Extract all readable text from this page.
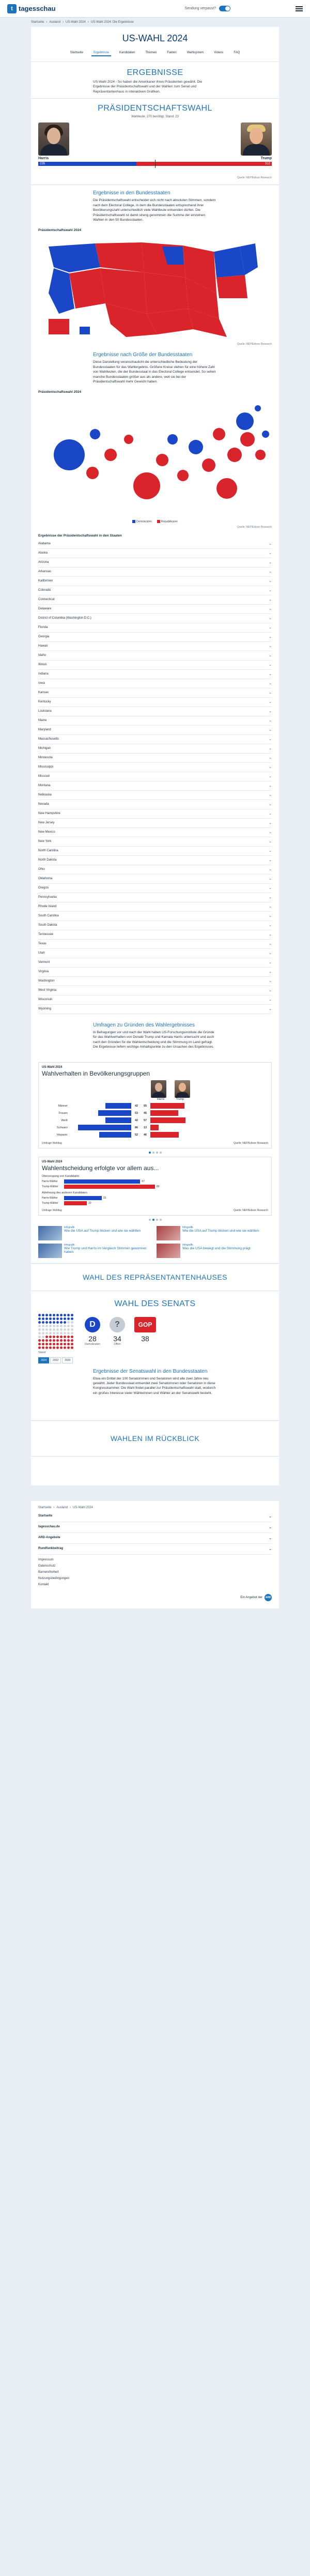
t tagesschau	Sendung verpasst?
Startseite › Ausland › US-Wahl 2024 › US-Wahl 2024: Die Ergebnisse
US-WAHL 2024
Startseite	Ergebnisse	Kandidaten	Themen	Fakten	Wahlsystem	Videos	FAQ
ERGEBNISSE
US-Wahl 2024 - So haben die Amerikaner ihren Präsidenten gewählt. Die Ergebnisse der Präsidentschaftswahl und der Wahlen zum Senat und Repräsentantenhaus in interaktiven Grafiken.
PRÄSIDENTSCHAFTSWAHL
Wahlleute, 270 benötigt, Stand: 23
Harris	Trump
226	312
Quelle: NEP/Edison Research
Ergebnisse in den Bundesstaaten
Die Präsidentschaftswahl entscheidet sich nicht nach absoluten Stimmen, sondern nach dem Electoral College, in dem die Bundesstaaten entsprechend ihrer Bevölkerungszahl unterschiedlich viele Wahlleute entsenden dürfen. Die Präsidentschaftswahl ist damit streng genommen die Summe der einzelnen Wahlen in den 50 Bundesstaaten.
Präsidentschaftswahl 2024
Quelle: NEP/Edison Research
Ergebnisse nach Größe der Bundesstaaten
Diese Darstellung veranschaulicht die unterschiedliche Bedeutung der Bundesstaaten für das Wahlergebnis. Größere Kreise stehen für eine höhere Zahl von Wahlleuten, die der Bundesstaat in das Electoral College entsendet. So sehen manche Bundesstaaten größer aus als andere, weil sie bei der Präsidentschaftswahl mehr Gewicht haben.
Präsidentschaftswahl 2024
Demokraten	Republikaner
Quelle: NEP/Edison Research
Ergebnisse der Präsidentschaftswahl in den Staaten
Alabama	⌄
Alaska	⌄
Arizona	⌄
Arkansas	⌄
Kalifornien	⌄
Colorado	⌄
Connecticut	⌄
Delaware	⌄
District of Columbia (Washington D.C.)	⌄
Florida	⌄
Georgia	⌄
Hawaii	⌄
Idaho	⌄
Illinois	⌄
Indiana	⌄
Iowa	⌄
Kansas	⌄
Kentucky	⌄
Louisiana	⌄
Maine	⌄
Maryland	⌄
Massachusetts	⌄
Michigan	⌄
Minnesota	⌄
Mississippi	⌄
Missouri	⌄
Montana	⌄
Nebraska	⌄
Nevada	⌄
New Hampshire	⌄
New Jersey	⌄
New Mexico	⌄
New York	⌄
North Carolina	⌄
North Dakota	⌄
Ohio	⌄
Oklahoma	⌄
Oregon	⌄
Pennsylvania	⌄
Rhode Island	⌄
South Carolina	⌄
South Dakota	⌄
Tennessee	⌄
Texas	⌄
Utah	⌄
Vermont	⌄
Virginia	⌄
Washington	⌄
West Virginia	⌄
Wisconsin	⌄
Wyoming	⌄
Umfragen zu Gründen des Wahlergebnisses
In Befragungen vor und nach der Wahl haben US-Forschungsinstitute die Gründe für das Wahlverhalten von Donald Trump und Kamala Harris untersucht und auch nach den Gründen für die Wahlentscheidung und die Stimmung im Land gefragt. Die Ergebnisse liefern wichtige Anhaltspunkte zu den Ursachen des Ergebnisses.
US-Wahl 2024
Wahlverhalten in Bevölkerungsgruppen
Harris	Trump
Männer	42	55
Frauen	53	45
Weiß	42	57
Schwarz	86	13
Hispanic	52	46
Umfrage Wahltag	Quelle: NEP/Edison Research
US-Wahl 2024
Wahlentscheidung erfolgte vor allem aus...
Überzeugung von Kandidat/in
Harris-Wähler	67
Trump-Wähler	80
Ablehnung des anderen Kandidaten
Harris-Wähler	33
Trump-Wähler	20
Umfrage Wahltag	Quelle: NEP/Edison Research
Infografik
Wie die USA auf Trump blicken und wie sie wählten
Infografik
Wie die USA auf Trump blicken und wie sie wählten
Infografik
Wie Trump und Harris im Vergleich Stimmen gewonnen haben
Infografik
Was die USA bewegt und die Stimmung prägt
WAHL DES REPRÄSENTANTENHAUSES
WAHL DES SENATS
D
28
Demokraten
?
34
Offen
GOP
38
Stand
2024	2022	2020
Ergebnisse der Senatswahl in den Bundesstaaten
Etwa ein Drittel der 100 Senatorinnen und Senatoren wird alle zwei Jahre neu gewählt. Jeder Bundesstaat entsendet zwei Senatorinnen oder Senatoren in diese Kongresskammer. Die Wahl findet parallel zur Präsidentschaftswahl statt, wodurch ein großes Interesse vieler Wählerinnen und Wähler an der Senatswahl besteht.
WAHLEN IM RÜCKBLICK
Startseite › Ausland › US-Wahl 2024
Startseite	⌄
tagesschau.de	⌄
ARD-Angebote	⌄
Rundfunkbeitrag	⌄
Impressum
Datenschutz
Barrierefreiheit
Nutzungsbedingungen
Kontakt
Ein Angebot der	ARD
